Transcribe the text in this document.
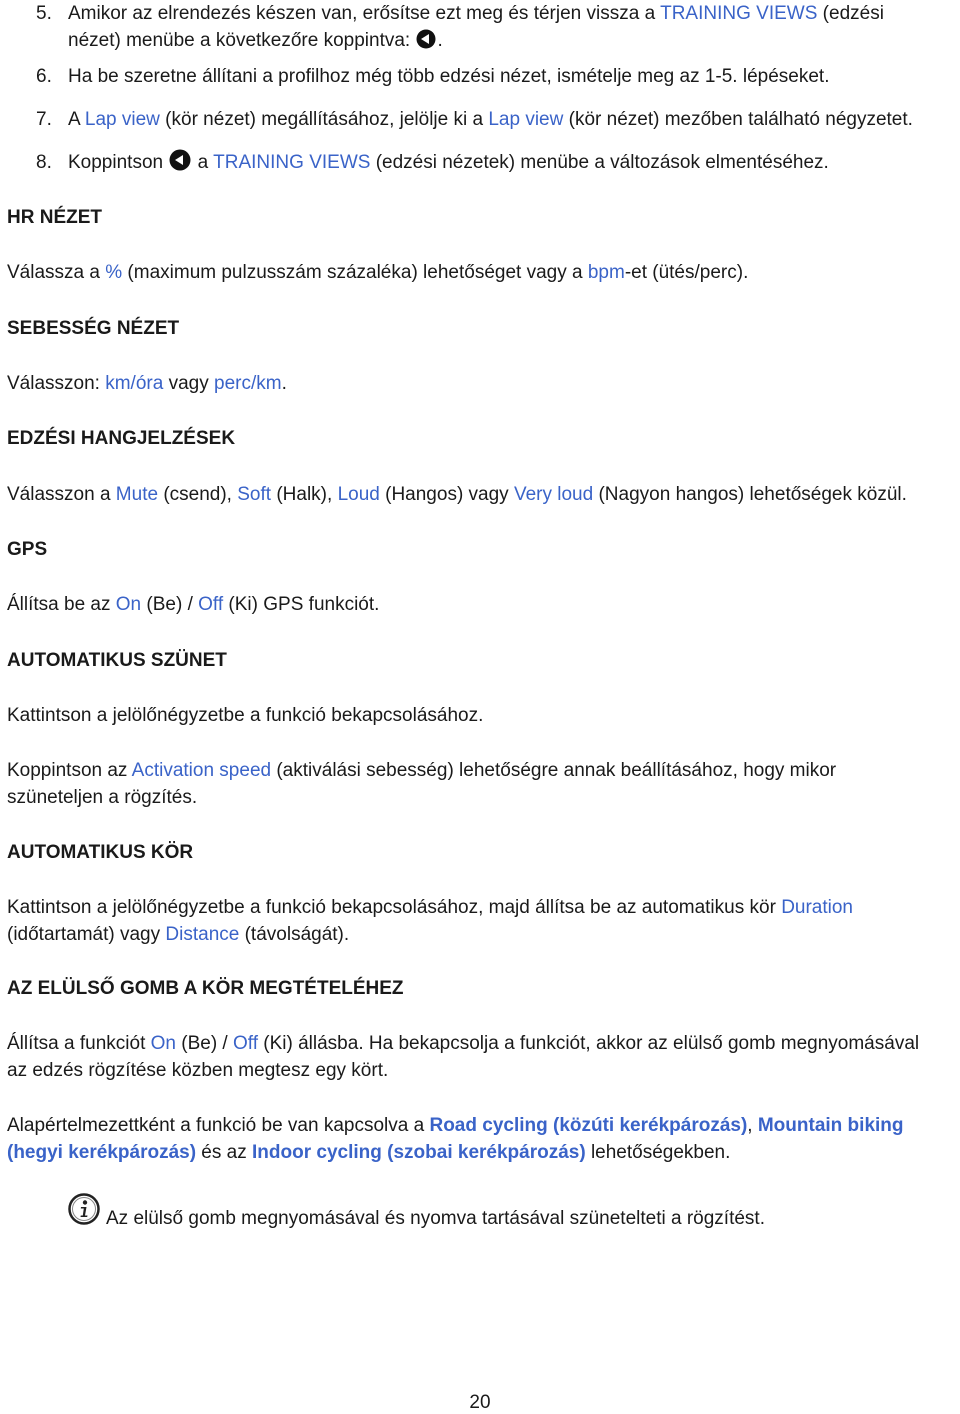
5. Amikor az elrendezés készen van, erősítse ezt meg és térjen vissza a TRAINING VIEWS (edzési
nézet) menübe a következőre koppintva: .
6. Ha be szeretne állítani a profilhoz még több edzési nézet, ismételje meg az 1-5. lépéseket.
7. A Lap view (kör nézet) megállításához, jelölje ki a Lap view (kör nézet) mezőben található négyzetet.
8. Koppintson  a TRAINING VIEWS (edzési nézetek) menübe a változások elmentéséhez.
HR NÉZET
Válassza a % (maximum pulzusszám százaléka) lehetőséget vagy a bpm-et (ütés/perc).
SEBESSÉG NÉZET
Válasszon: km/óra vagy perc/km.
EDZÉSI HANGJELZÉSEK
Válasszon a Mute (csend), Soft (Halk), Loud (Hangos) vagy Very loud (Nagyon hangos) lehetőségek közül.
GPS
Állítsa be az On (Be) / Off (Ki) GPS funkciót.
AUTOMATIKUS SZÜNET
Kattintson a jelölőnégyzetbe a funkció bekapcsolásához.
Koppintson az Activation speed (aktiválási sebesség) lehetőségre annak beállításához, hogy mikor
szüneteljen a rögzítés.
AUTOMATIKUS KÖR
Kattintson a jelölőnégyzetbe a funkció bekapcsolásához, majd állítsa be az automatikus kör Duration
(időtartamát) vagy Distance (távolságát).
AZ ELÜLSŐ GOMB A KÖR MEGTÉTELÉHEZ
Állítsa a funkciót On (Be) / Off (Ki) állásba. Ha bekapcsolja a funkciót, akkor az elülső gomb megnyomásával
az edzés rögzítése közben megtesz egy kört.
Alapértelmezettként a funkció be van kapcsolva a Road cycling (közúti kerékpározás), Mountain biking
(hegyi kerékpározás) és az Indoor cycling (szobai kerékpározás) lehetőségekben.
Az elülső gomb megnyomásával és nyomva tartásával szünetelteti a rögzítést.
20
